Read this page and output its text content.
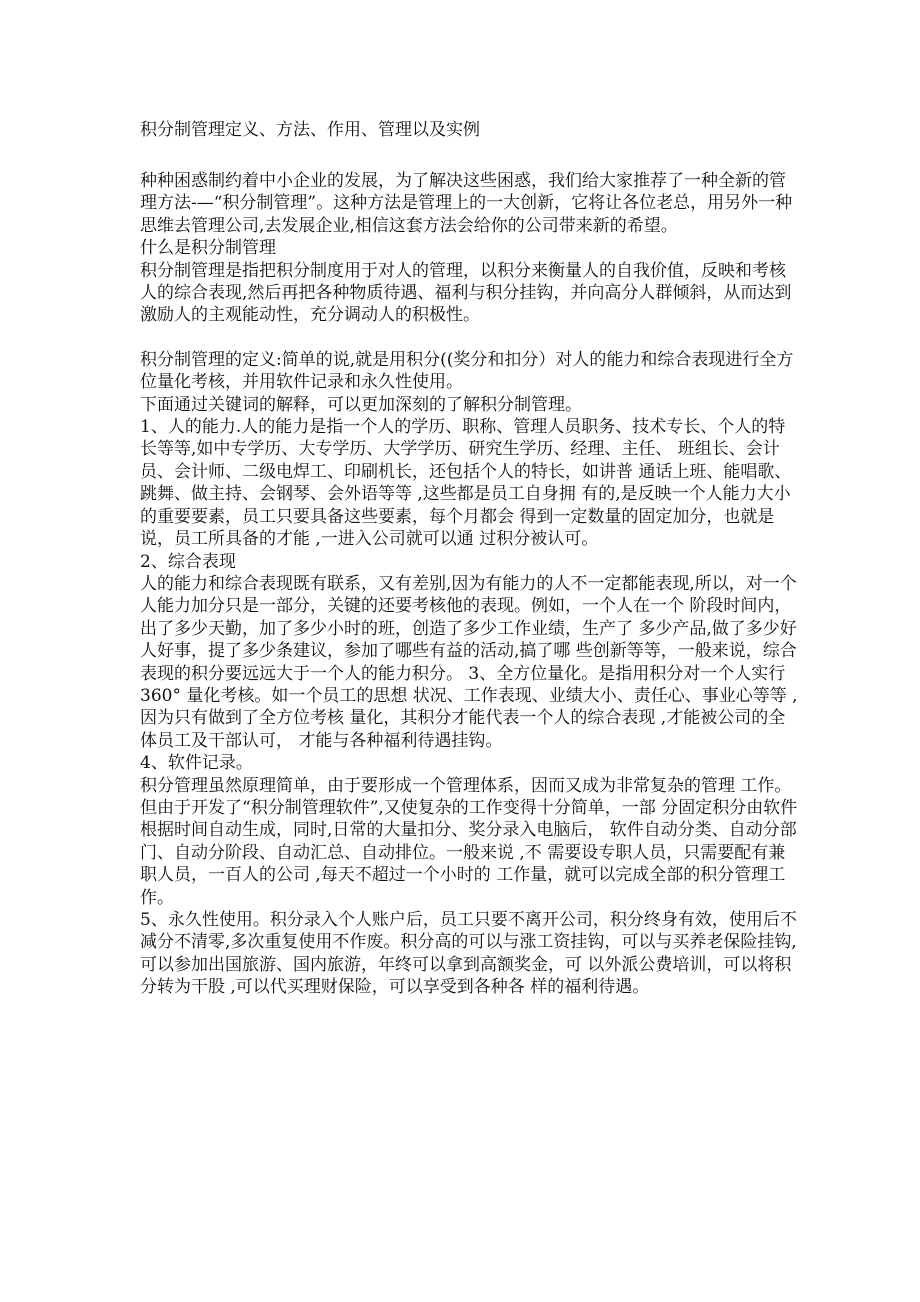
积分制管理定义、方法、作用、管理以及实例

种种困惑制约着中小企业的发展，为了解决这些困惑，我们给大家推荐了一种全新的管理方法-—“积分制管理”。这种方法是管理上的一大创新，它将让各位老总，用另外一种思维去管理公司,去发展企业,相信这套方法会给你的公司带来新的希望。

什么是积分制管理

积分制管理是指把积分制度用于对人的管理，以积分来衡量人的自我价值，反映和考核人的综合表现,然后再把各种物质待遇、福利与积分挂钩，并向高分人群倾斜，从而达到激励人的主观能动性，充分调动人的积极性。

积分制管理的定义:简单的说,就是用积分((奖分和扣分）对人的能力和综合表现进行全方位量化考核，并用软件记录和永久性使用。

下面通过关键词的解释，可以更加深刻的了解积分制管理。

1、人的能力.人的能力是指一个人的学历、职称、管理人员职务、技术专长、个人的特长等等,如中专学历、大专学历、大学学历、研究生学历、经理、主任、 班组长、会计员、会计师、二级电焊工、印刷机长，还包括个人的特长，如讲普 通话上班、能唱歌、跳舞、做主持、会钢琴、会外语等等 ,这些都是员工自身拥 有的,是反映一个人能力大小的重要要素，员工只要具备这些要素，每个月都会 得到一定数量的固定加分，也就是说，员工所具备的才能 ,一进入公司就可以通 过积分被认可。

2、综合表现

人的能力和综合表现既有联系，又有差别,因为有能力的人不一定都能表现,所以，对一个人能力加分只是一部分，关键的还要考核他的表现。例如，一个人在一个 阶段时间内，出了多少天勤，加了多少小时的班，创造了多少工作业绩，生产了 多少产品,做了多少好人好事，提了多少条建议，参加了哪些有益的活动,搞了哪 些创新等等，一般来说，综合表现的积分要远远大于一个人的能力积分。 3、全方位量化。是指用积分对一个人实行 360° 量化考核。如一个员工的思想 状况、工作表现、业绩大小、责任心、事业心等等 ,因为只有做到了全方位考核 量化，其积分才能代表一个人的综合表现 ,才能被公司的全体员工及干部认可， 才能与各种福利待遇挂钩。

4、软件记录。

积分管理虽然原理简单，由于要形成一个管理体系，因而又成为非常复杂的管理 工作。但由于开发了“积分制管理软件”,又使复杂的工作变得十分简单，一部 分固定积分由软件根据时间自动生成，同时,日常的大量扣分、奖分录入电脑后， 软件自动分类、自动分部门、自动分阶段、自动汇总、自动排位。一般来说 ,不 需要设专职人员，只需要配有兼职人员，一百人的公司 ,每天不超过一个小时的 工作量，就可以完成全部的积分管理工作。

5、永久性使用。积分录入个人账户后，员工只要不离开公司，积分终身有效，使用后不减分不清零,多次重复使用不作废。积分高的可以与涨工资挂钩，可以与买养老保险挂钩,可以参加出国旅游、国内旅游，年终可以拿到高额奖金，可 以外派公费培训，可以将积分转为干股 ,可以代买理财保险，可以享受到各种各 样的福利待遇。
